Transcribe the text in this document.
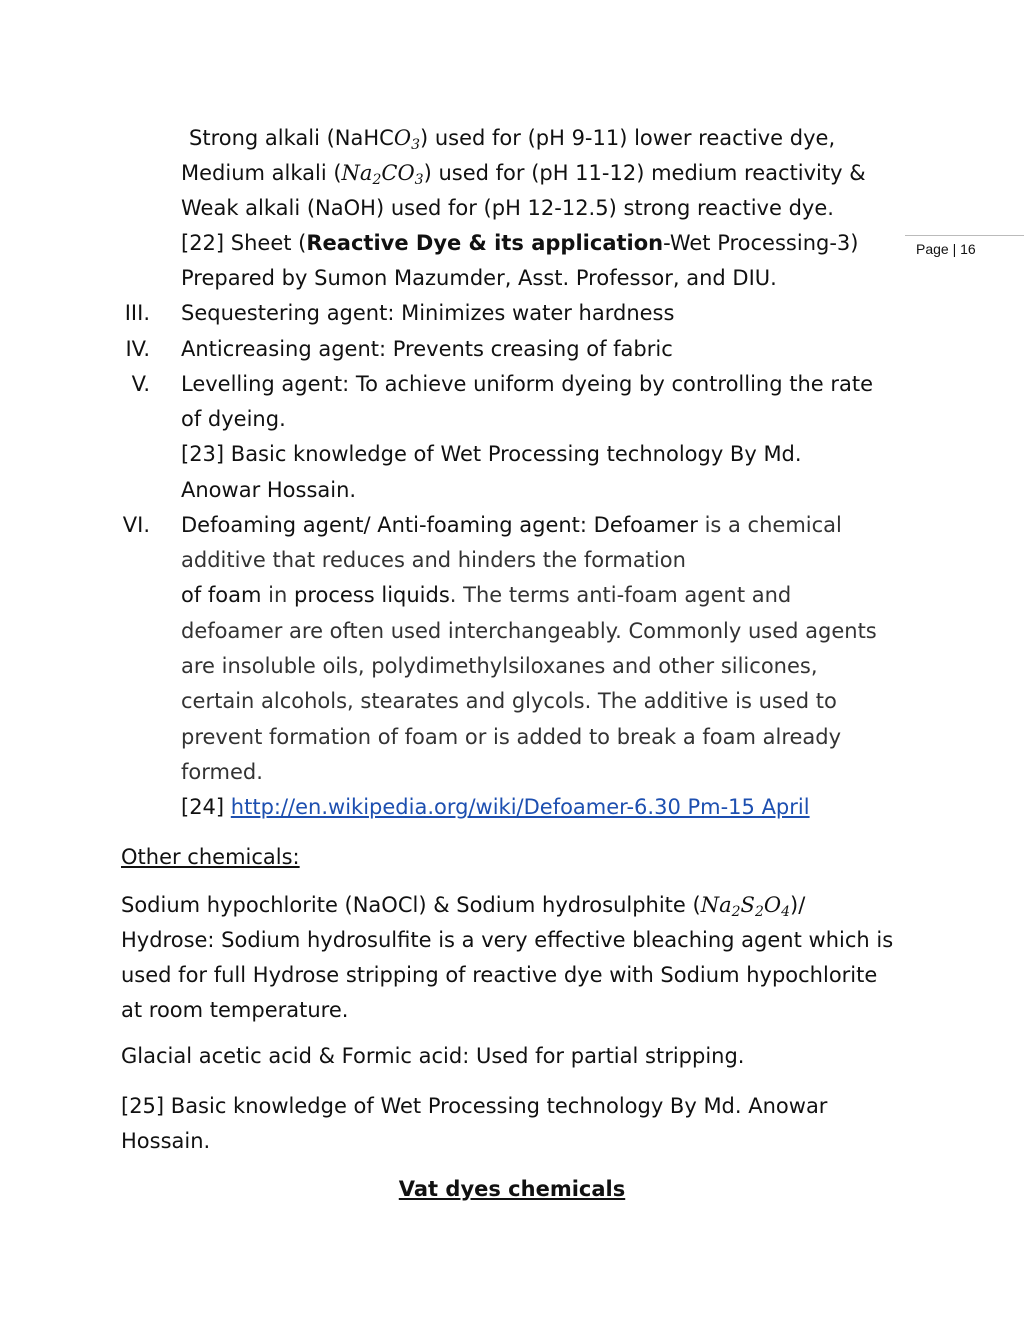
Page | 16
Strong alkali (NaHCO$_3$) used for (pH 9-11) lower reactive dye,
Medium alkali $(Na_2CO_3)$ used for (pH 11-12) medium reactivity &
Weak alkali (NaOH) used for (pH 12-12.5) strong reactive dye.
[22] Sheet (Reactive Dye & its application-Wet Processing-3)
Prepared by Sumon Mazumder, Asst. Professor, and DIU.
III. Sequestering agent: Minimizes water hardness
IV. Anticreasing agent: Prevents creasing of fabric
V. Levelling agent: To achieve uniform dyeing by controlling the rate
of dyeing.
[23] Basic knowledge of Wet Processing technology By Md.
Anowar Hossain.
VI. Defoaming agent/ Anti-foaming agent: Defoamer is a chemical
additive that reduces and hinders the formation
of foam in process liquids. The terms anti-foam agent and
defoamer are often used interchangeably. Commonly used agents
are insoluble oils, polydimethylsiloxanes and other silicones,
certain alcohols, stearates and glycols. The additive is used to
prevent formation of foam or is added to break a foam already
formed.
[24] http://en.wikipedia.org/wiki/Defoamer-6.30 Pm-15 April
Other chemicals:
Sodium hypochlorite (NaOCl) & Sodium hydrosulphite $(Na_2S_2O_4)/$
Hydrose: Sodium hydrosulfite is a very effective bleaching agent which is
used for full Hydrose stripping of reactive dye with Sodium hypochlorite
at room temperature.
Glacial acetic acid & Formic acid: Used for partial stripping.
[25] Basic knowledge of Wet Processing technology By Md. Anowar
Hossain.
Vat dyes chemicals
